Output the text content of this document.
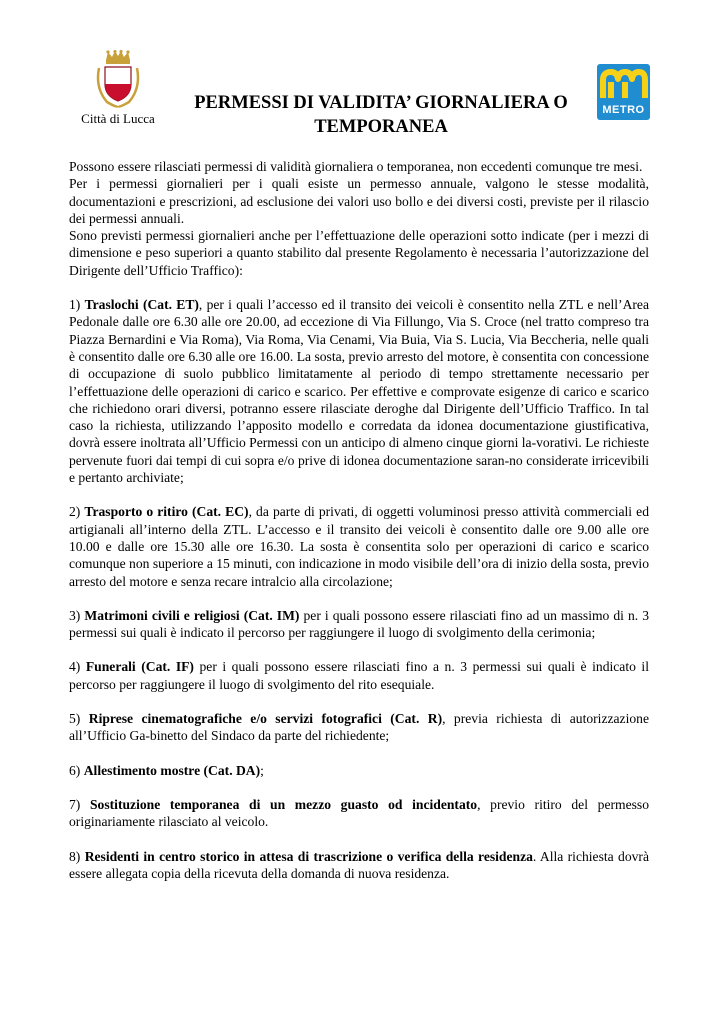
Città di Lucca
METRO
PERMESSI DI VALIDITA’ GIORNALIERA O TEMPORANEA

Possono essere rilasciati permessi di validità giornaliera o temporanea, non eccedenti comunque tre mesi.

Per i permessi giornalieri per i quali esiste un permesso annuale, valgono le stesse modalità, documentazioni e prescrizioni, ad esclusione dei valori uso bollo e dei diversi costi, previste per il rilascio dei permessi annuali.

Sono previsti permessi giornalieri anche per l’effettuazione delle operazioni sotto indicate (per i mezzi di dimensione e peso superiori a quanto stabilito dal presente Regolamento è necessaria l’autorizzazione del Dirigente dell’Ufficio Traffico):

1) Traslochi (Cat. ET), per i quali l’accesso ed il transito dei veicoli è consentito nella ZTL e nell’Area Pedonale dalle ore 6.30 alle ore 20.00, ad eccezione di Via Fillungo, Via S. Croce (nel tratto compreso tra Piazza Bernardini e Via Roma), Via Roma, Via Cenami, Via Buia, Via S. Lucia, Via Beccheria, nelle quali è consentito dalle ore 6.30 alle ore 16.00. La sosta, previo arresto del motore, è consentita con concessione di occupazione di suolo pubblico limitatamente al periodo di tempo strettamente necessario per l’effettuazione delle operazioni di carico e scarico. Per effettive e comprovate esigenze di carico e scarico che richiedono orari diversi, potranno essere rilasciate deroghe dal Dirigente dell’Ufficio Traffico. In tal caso la richiesta, utilizzando l’apposito modello e corredata da idonea documentazione giustificativa, dovrà essere inoltrata all’Ufficio Permessi con un anticipo di almeno cinque giorni la-vorativi. Le richieste pervenute fuori dai tempi di cui sopra e/o prive di idonea documentazione saran-no considerate irricevibili e pertanto archiviate;

2) Trasporto o ritiro (Cat. EC), da parte di privati, di oggetti voluminosi presso attività commerciali ed artigianali all’interno della ZTL. L’accesso e il transito dei veicoli è consentito dalle ore 9.00 alle ore 10.00 e dalle ore 15.30 alle ore 16.30. La sosta è consentita solo per operazioni di carico e scarico comunque non superiore a 15 minuti, con indicazione in modo visibile dell’ora di inizio della sosta, previo arresto del motore e senza recare intralcio alla circolazione;

3) Matrimoni civili e religiosi (Cat. IM) per i quali possono essere rilasciati fino ad un massimo di n. 3 permessi sui quali è indicato il percorso per raggiungere il luogo di svolgimento della cerimonia;

4) Funerali (Cat. IF) per i quali possono essere rilasciati fino a n. 3 permessi sui quali è indicato il percorso per raggiungere il luogo di svolgimento del rito esequiale.

5) Riprese cinematografiche e/o servizi fotografici (Cat. R), previa richiesta di autorizzazione all’Ufficio Ga-binetto del Sindaco da parte del richiedente;

6) Allestimento mostre (Cat. DA);

7) Sostituzione temporanea di un mezzo guasto od incidentato, previo ritiro del permesso originariamente rilasciato al veicolo.

8) Residenti in centro storico in attesa di trascrizione o verifica della residenza. Alla richiesta dovrà essere allegata copia della ricevuta della domanda di nuova residenza.
